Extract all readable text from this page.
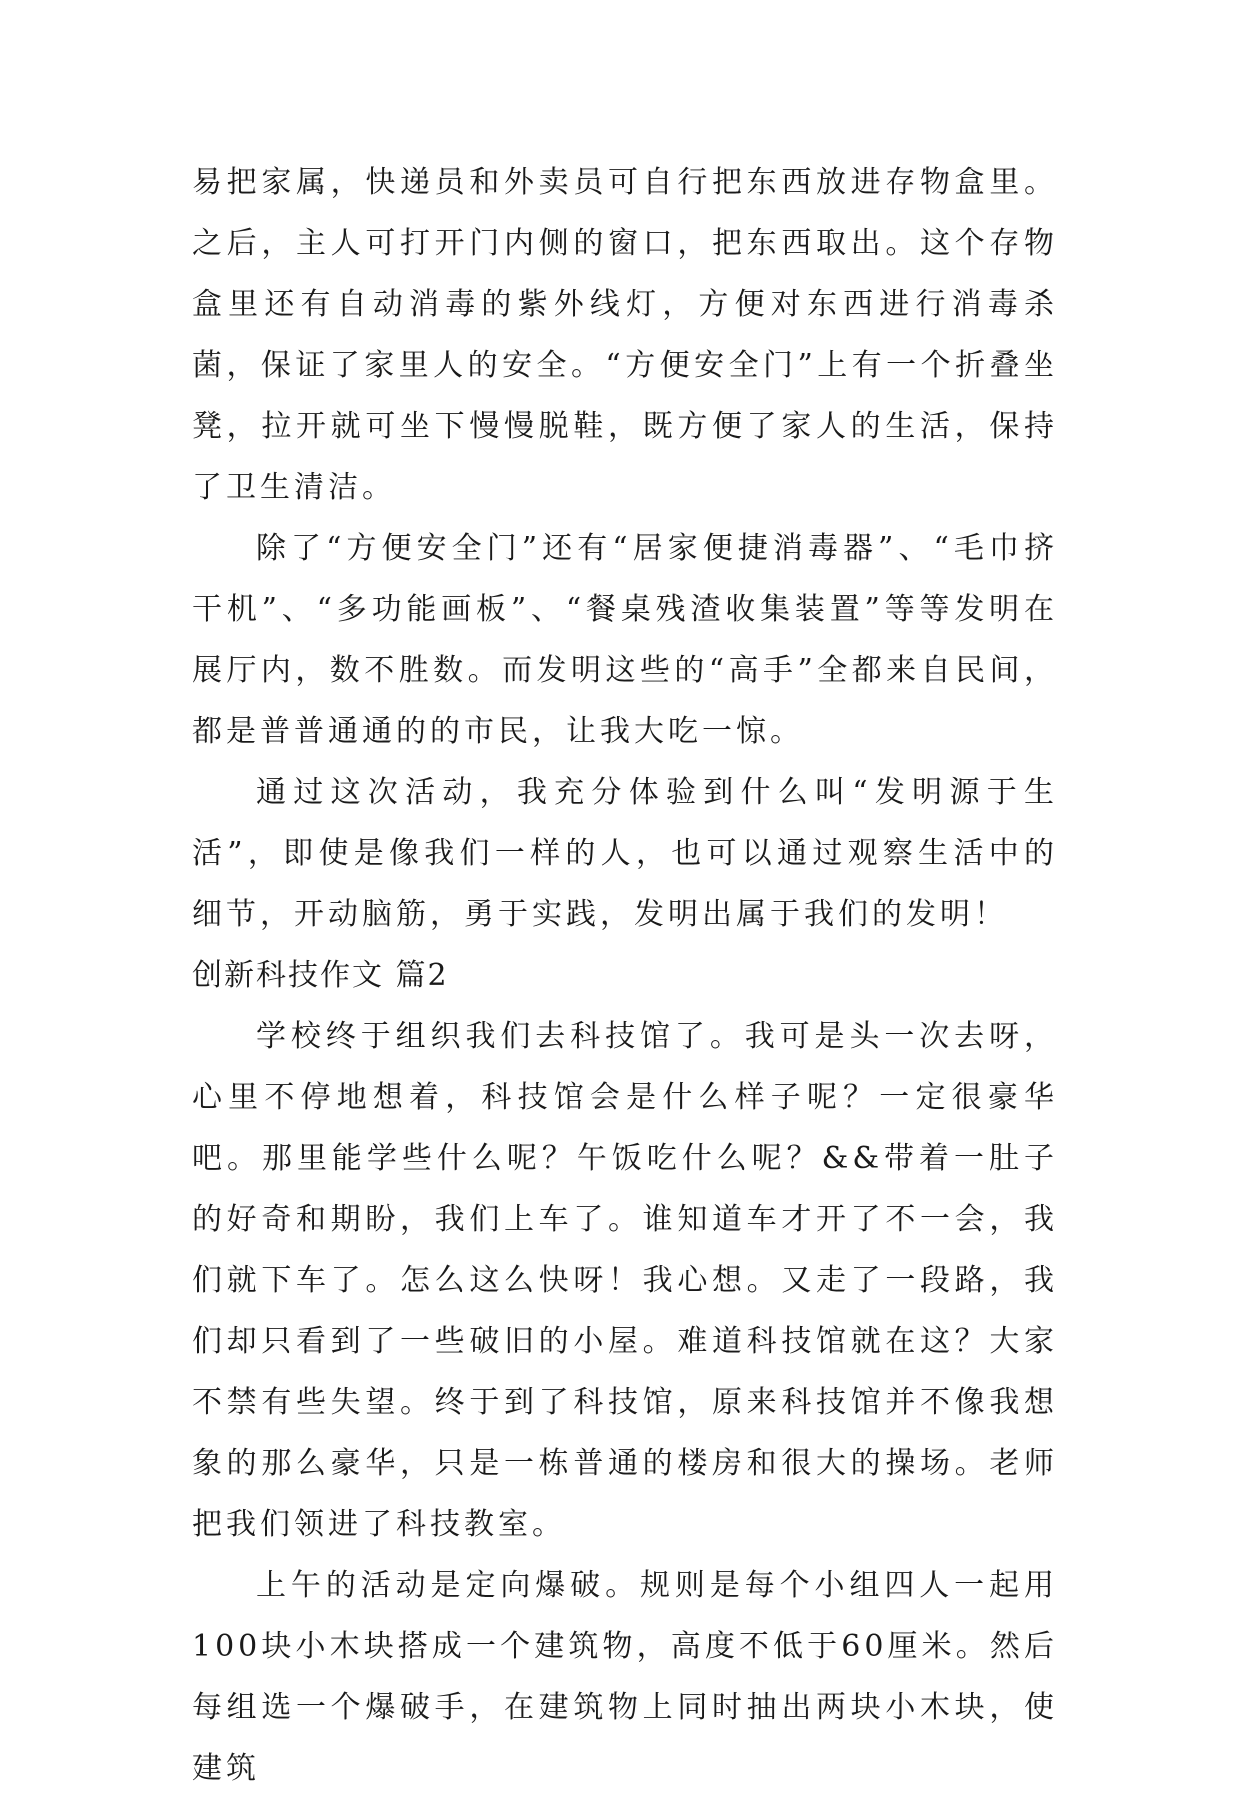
易把家属，快递员和外卖员可自行把东西放进存物盒里。之后，主人可打开门内侧的窗口，把东西取出。这个存物盒里还有自动消毒的紫外线灯，方便对东西进行消毒杀菌，保证了家里人的安全。“方便安全门”上有一个折叠坐凳，拉开就可坐下慢慢脱鞋，既方便了家人的生活，保持了卫生清洁。

除了“方便安全门”还有“居家便捷消毒器”、“毛巾挤干机”、“多功能画板”、“餐桌残渣收集装置”等等发明在展厅内，数不胜数。而发明这些的“高手”全都来自民间，都是普普通通的的市民，让我大吃一惊。

通过这次活动，我充分体验到什么叫“发明源于生活”，即使是像我们一样的人，也可以通过观察生活中的细节，开动脑筋，勇于实践，发明出属于我们的发明！

创新科技作文 篇2

学校终于组织我们去科技馆了。我可是头一次去呀，心里不停地想着，科技馆会是什么样子呢？一定很豪华吧。那里能学些什么呢？午饭吃什么呢？&&带着一肚子的好奇和期盼，我们上车了。谁知道车才开了不一会，我们就下车了。怎么这么快呀！我心想。又走了一段路，我们却只看到了一些破旧的小屋。难道科技馆就在这？大家不禁有些失望。终于到了科技馆，原来科技馆并不像我想象的那么豪华，只是一栋普通的楼房和很大的操场。老师把我们领进了科技教室。

上午的活动是定向爆破。规则是每个小组四人一起用100块小木块搭成一个建筑物，高度不低于60厘米。然后每组选一个爆破手，在建筑物上同时抽出两块小木块，使建筑
